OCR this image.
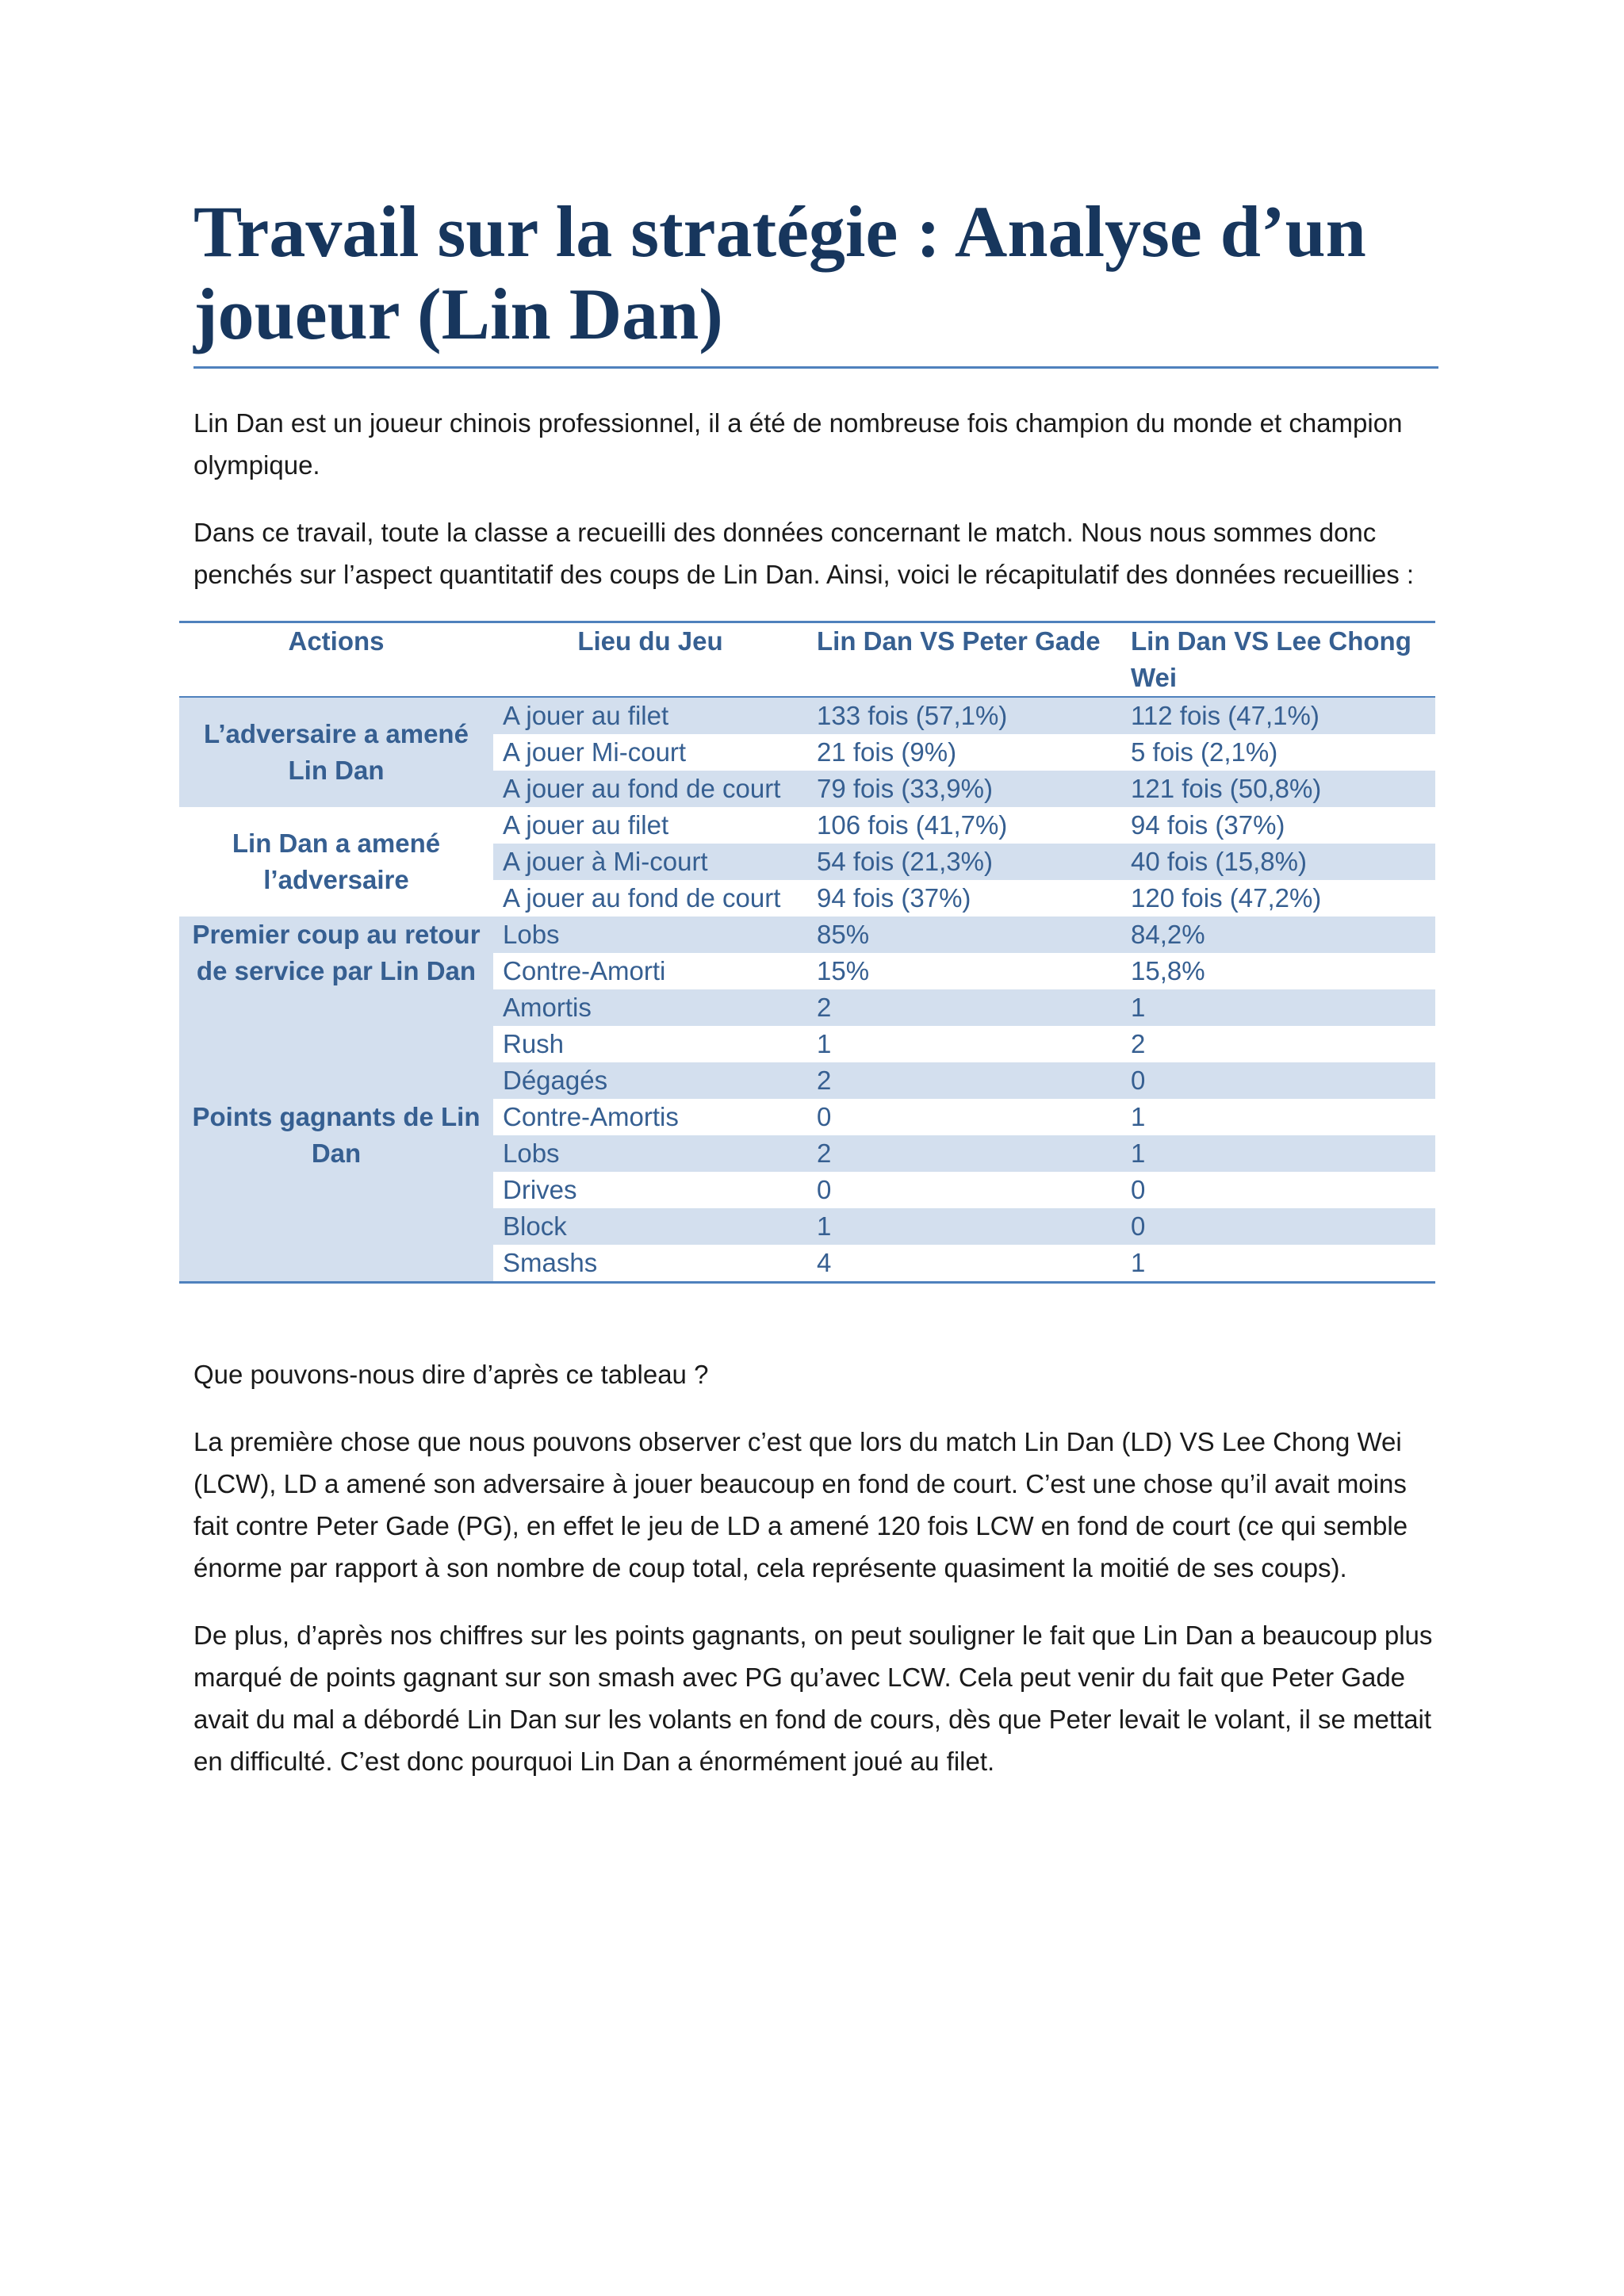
Travail sur la stratégie : Analyse d’un joueur (Lin Dan)

Lin Dan est un joueur chinois professionnel, il a été de nombreuse fois champion du monde et champion olympique.

Dans ce travail, toute la classe a recueilli des données concernant le match. Nous nous sommes donc penchés sur l’aspect quantitatif des coups de Lin Dan. Ainsi, voici le récapitulatif des données recueillies :

Actions	Lieu du Jeu	Lin Dan VS Peter Gade	Lin Dan VS Lee Chong Wei
L’adversaire a amené Lin Dan	A jouer au filet	133 fois (57,1%)	112 fois (47,1%)
	A jouer Mi-court	21 fois (9%)	5 fois (2,1%)
	A jouer au fond de court	79 fois (33,9%)	121 fois (50,8%)
Lin Dan a amené l’adversaire	A jouer au filet	106 fois (41,7%)	94 fois (37%)
	A jouer à Mi-court	54 fois (21,3%)	40 fois (15,8%)
	A jouer au fond de court	94 fois (37%)	120 fois (47,2%)
Premier coup au retour de service par Lin Dan	Lobs	85%	84,2%
	Contre-Amorti	15%	15,8%
Points gagnants de Lin Dan	Amortis	2	1
	Rush	1	2
	Dégagés	2	0
	Contre-Amortis	0	1
	Lobs	2	1
	Drives	0	0
	Block	1	0
	Smashs	4	1

Que pouvons-nous dire d’après ce tableau ?

La première chose que nous pouvons observer c’est que lors du match Lin Dan (LD) VS Lee Chong Wei (LCW), LD a amené son adversaire à jouer beaucoup en fond de court. C’est une chose qu’il avait moins fait contre Peter Gade (PG), en effet le jeu de LD a amené 120 fois LCW en fond de court (ce qui semble énorme par rapport à son nombre de coup total, cela représente quasiment la moitié de ses coups).

De plus, d’après nos chiffres sur les points gagnants, on peut souligner le fait que Lin Dan a beaucoup plus marqué de points gagnant sur son smash avec PG qu’avec LCW. Cela peut venir du fait que Peter Gade avait du mal a débordé Lin Dan sur les volants en fond de cours, dès que Peter levait le volant, il se mettait en difficulté. C’est donc pourquoi Lin Dan a énormément joué au filet.
